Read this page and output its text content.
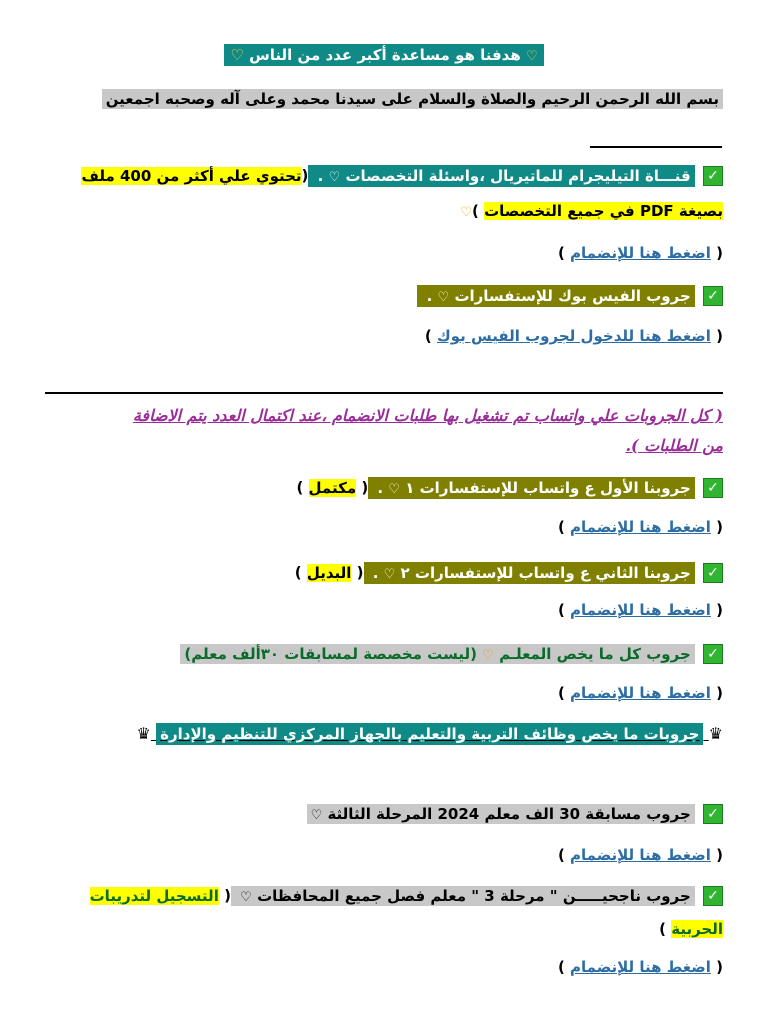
♡ هدفنا هو مساعدة أكبر عدد من الناس ♡
بسم الله الرحمن الرحيم والصلاة والسلام على سيدنا محمد وعلى آله وصحبه اجمعين
✓ قنـــاة التيليجرام للماتيريال ،واسئلة التخصصات ♡ . (تحتوي علي أكثر من 400 ملف
بصيغة PDF في جميع التخصصات )♡
( اضغط هنا للإنضمام )
✓ جروب الفيس بوك للإستفسارات ♡ .
( اضغط هنا للدخول لجروب الفيس بوك )
( كل الجروبات علي واتساب تم تشغيل بها طلبات الانضمام ،عند اكتمال العدد يتم الاضافة
من الطلبات ).
✓ جروبنا الأول ع واتساب للإستفسارات ١ ♡ . ( مكتمل )
( اضغط هنا للإنضمام )
✓ جروبنا الثاني ع واتساب للإستفسارات ٢ ♡ . ( البديل )
( اضغط هنا للإنضمام )
✓ جروب كل ما يخص المعلـم ♡ (ليست مخصصة لمسابقات ٣٠ألف معلم)
( اضغط هنا للإنضمام )
♛ جروبات ما يخص وظائف التربية والتعليم بالجهاز المركزي للتنظيم والإدارة ♛
✓ جروب مسابقة 30 الف معلم 2024 المرحلة الثالثة ♡
( اضغط هنا للإنضمام )
✓ جروب ناجحيـــــن " مرحلة 3 " معلم فصل جميع المحافظات ♡ ( التسجيل لتدريبات
الحربية )
( اضغط هنا للإنضمام )
